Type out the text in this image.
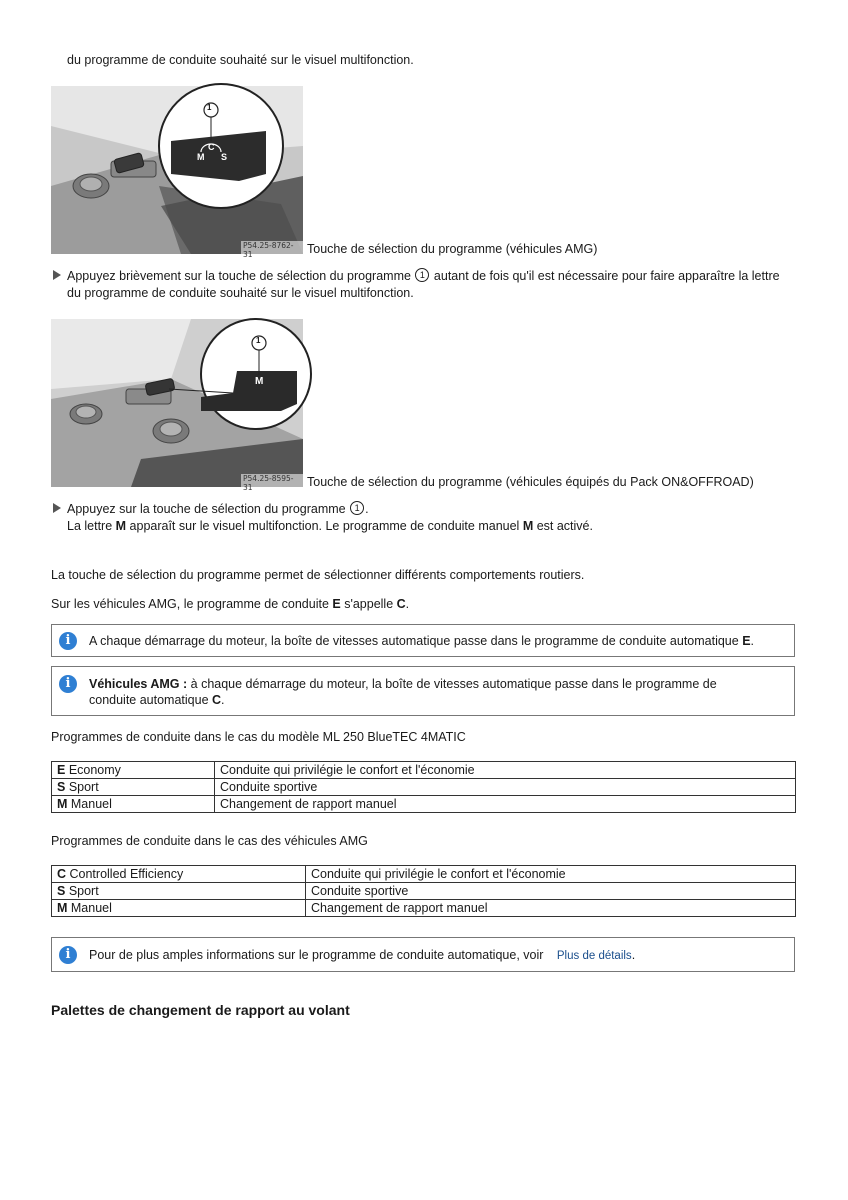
du programme de conduite souhaité sur le visuel multifonction.
1
C
M S
P54.25-8762-31	Touche de sélection du programme (véhicules AMG)
Appuyez brièvement sur la touche de sélection du programme 1 autant de fois qu'il est nécessaire pour faire apparaître la lettre
du programme de conduite souhaité sur le visuel multifonction.
1
M
P54.25-8595-31	Touche de sélection du programme (véhicules équipés du Pack ON&OFFROAD)
Appuyez sur la touche de sélection du programme 1 .
La lettre M apparaît sur le visuel multifonction. Le programme de conduite manuel M est activé.
La touche de sélection du programme permet de sélectionner différents comportements routiers.
Sur les véhicules AMG, le programme de conduite E s'appelle C.
i	A chaque démarrage du moteur, la boîte de vitesses automatique passe dans le programme de conduite automatique E.
i	Véhicules AMG : à chaque démarrage du moteur, la boîte de vitesses automatique passe dans le programme de
conduite automatique C.
Programmes de conduite dans le cas du modèle ML 250 BlueTEC 4MATIC
E Economy	Conduite qui privilégie le confort et l'économie
S Sport	Conduite sportive
M Manuel	Changement de rapport manuel
Programmes de conduite dans le cas des véhicules AMG
C Controlled Efficiency	Conduite qui privilégie le confort et l'économie
S Sport	Conduite sportive
M Manuel	Changement de rapport manuel
i	Pour de plus amples informations sur le programme de conduite automatique, voir Plus de détails.
Palettes de changement de rapport au volant
